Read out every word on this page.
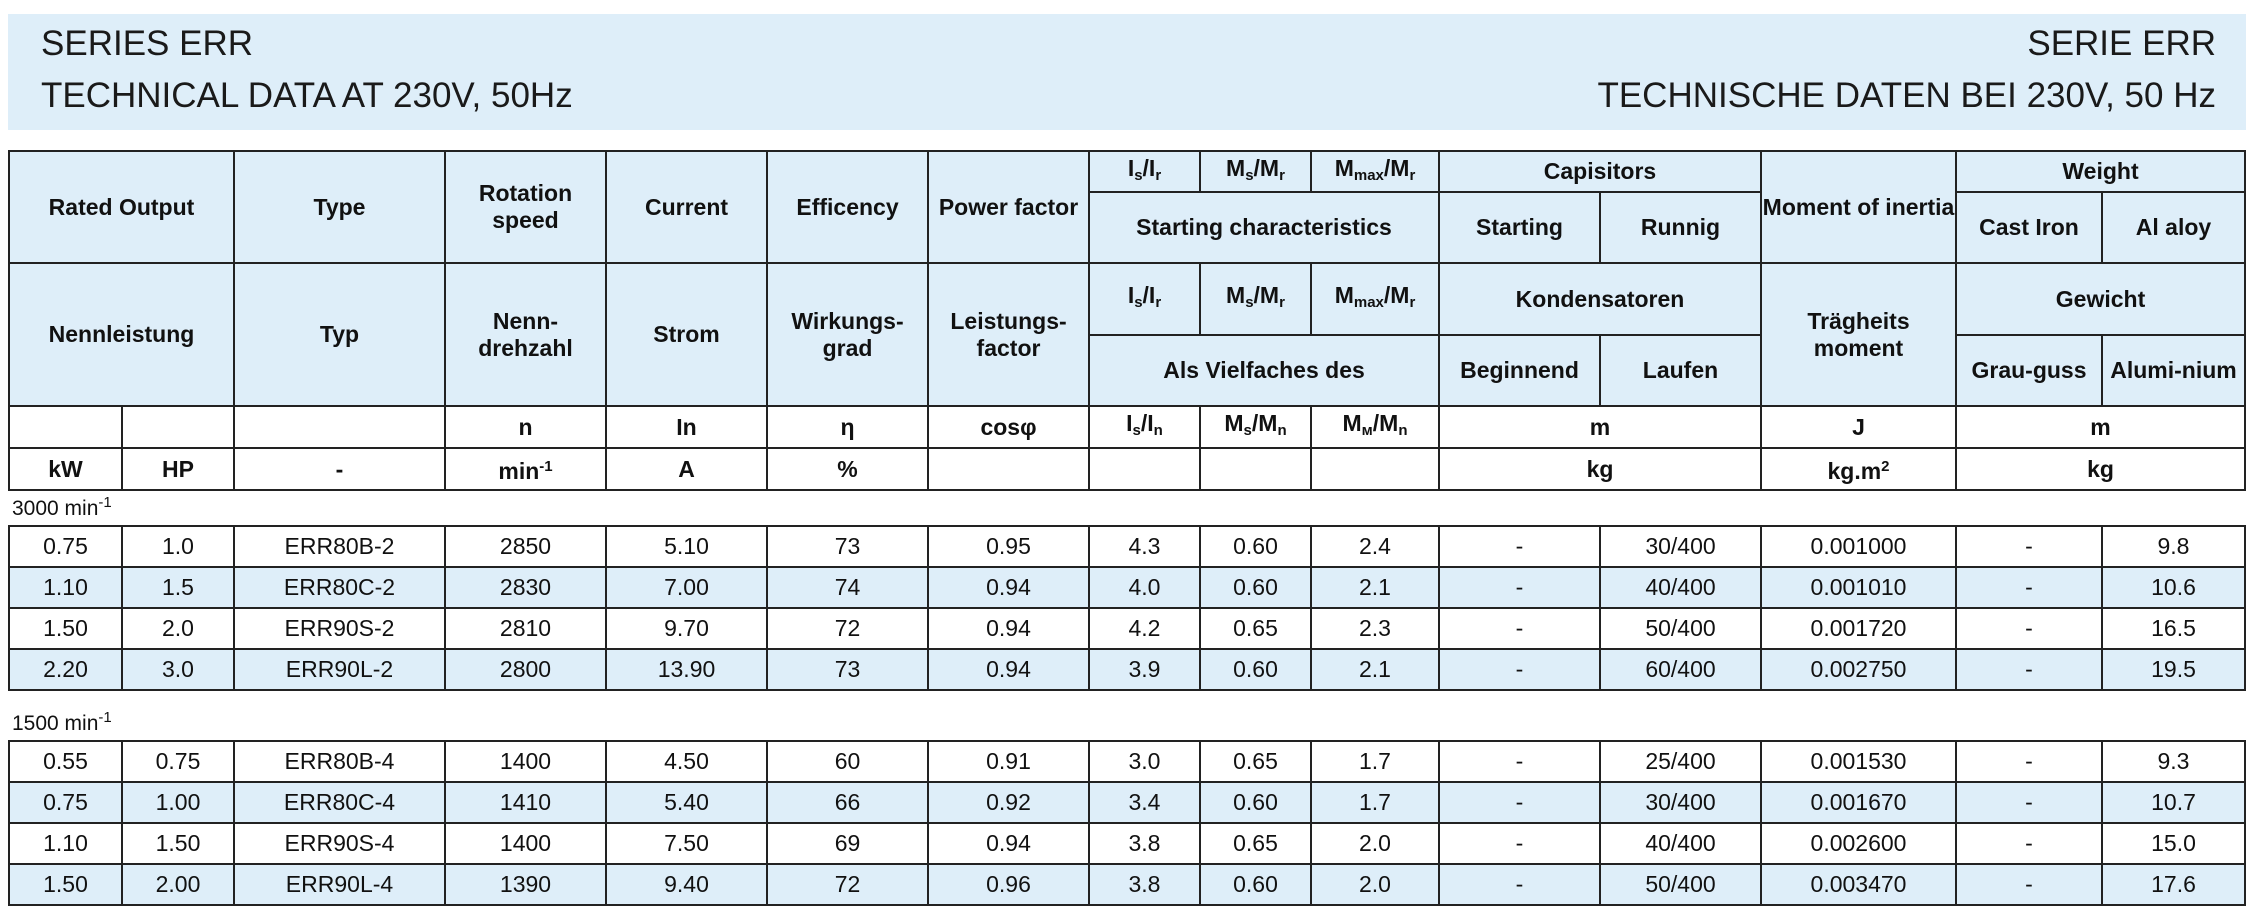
SERIES ERR
TECHNICAL DATA AT 230V, 50Hz
SERIE ERR
TECHNISCHE DATEN BEI 230V, 50 Hz
Rated Output		Type	Rotation speed	Current	Efficency	Power factor	$I_s/I_r$	$M_s/M_r$	$M_{max}/M_r$	Capisitors		Moment of inertia	Weight	
							Starting characteristics			Starting	Runnig		Cast Iron	Al aloy
Nennleistung		Typ	Nenn-drehzahl	Strom	Wirkungs-grad	Leistungs-factor	$I_s/I_r$	$M_s/M_r$	$M_{max}/M_r$	Kondensatoren		Trägheits moment	Gewicht	
							Als Vielfaches des			Beginnend	Laufen		Grau-guss	Alumi-nium
			n	In	η	cosφ	$I_s/I_n$	$M_s/M_n$	$M_м/M_n$	m		J	m	
kW	HP	-	$\min^{-1}$	A	%					kg		$kg.m^2$	kg	
3000 $\min^{-1}$
0.75	1.0	ERR80B-2	2850	5.10	73	0.95	4.3	0.60	2.4	-	30/400	0.001000	-	9.8
1.10	1.5	ERR80C-2	2830	7.00	74	0.94	4.0	0.60	2.1	-	40/400	0.001010	-	10.6
1.50	2.0	ERR90S-2	2810	9.70	72	0.94	4.2	0.65	2.3	-	50/400	0.001720	-	16.5
2.20	3.0	ERR90L-2	2800	13.90	73	0.94	3.9	0.60	2.1	-	60/400	0.002750	-	19.5
1500 $\min^{-1}$
0.55	0.75	ERR80B-4	1400	4.50	60	0.91	3.0	0.65	1.7	-	25/400	0.001530	-	9.3
0.75	1.00	ERR80C-4	1410	5.40	66	0.92	3.4	0.60	1.7	-	30/400	0.001670	-	10.7
1.10	1.50	ERR90S-4	1400	7.50	69	0.94	3.8	0.65	2.0	-	40/400	0.002600	-	15.0
1.50	2.00	ERR90L-4	1390	9.40	72	0.96	3.8	0.60	2.0	-	50/400	0.003470	-	17.6
